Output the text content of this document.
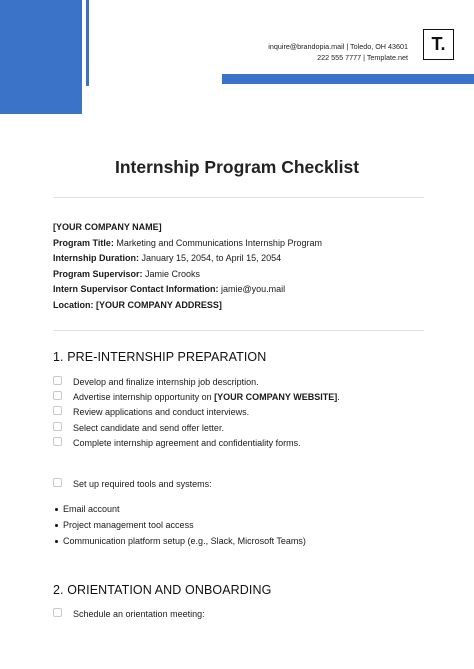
inquire@brandopia.mail | Toledo, OH 43601
222 555 7777 | Template.net
T.
Internship Program Checklist
[YOUR COMPANY NAME]
Program Title: Marketing and Communications Internship Program
Internship Duration: January 15, 2054, to April 15, 2054
Program Supervisor: Jamie Crooks
Intern Supervisor Contact Information: jamie@you.mail
Location: [YOUR COMPANY ADDRESS]
1. PRE-INTERNSHIP PREPARATION
Develop and finalize internship job description.
Advertise internship opportunity on [YOUR COMPANY WEBSITE].
Review applications and conduct interviews.
Select candidate and send offer letter.
Complete internship agreement and confidentiality forms.
Set up required tools and systems:
Email account
Project management tool access
Communication platform setup (e.g., Slack, Microsoft Teams)
2. ORIENTATION AND ONBOARDING
Schedule an orientation meeting:
